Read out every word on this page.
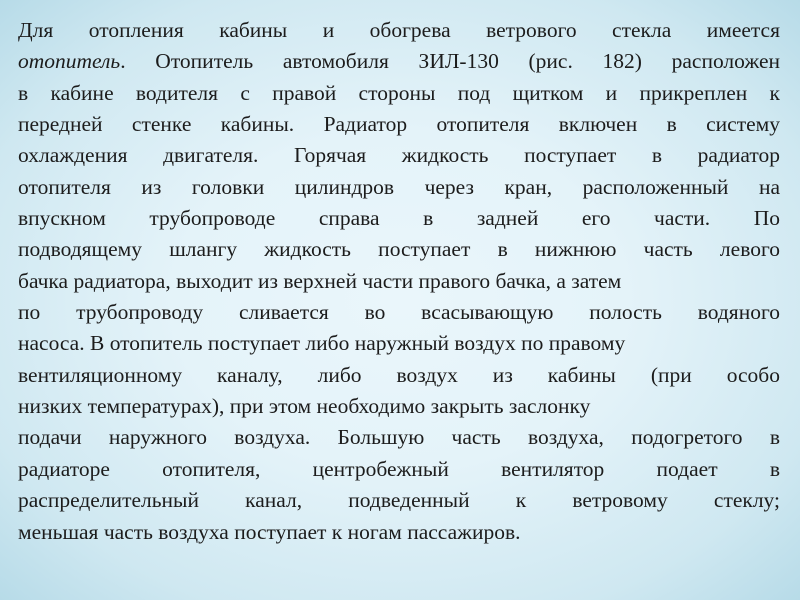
Для отопления кабины и обогрева ветрового стекла имеется
отопитель. Отопитель автомобиля ЗИЛ-130 (рис. 182) расположен
в кабине водителя с правой стороны под щитком и прикреплен к
передней стенке кабины. Радиатор отопителя включен в систему
охлаждения двигателя. Горячая жидкость поступает в радиатор
отопителя из головки цилиндров через кран, расположенный на
впускном трубопроводе справа в задней его части. По
подводящему шлангу жидкость поступает в нижнюю часть левого
бачка радиатора, выходит из верхней части правого бачка, а затем
по трубопроводу сливается во всасывающую полость водяного
насоса. В отопитель поступает либо наружный воздух по правому
вентиляционному каналу, либо воздух из кабины (при особо
низких температурах), при этом необходимо закрыть заслонку
подачи наружного воздуха. Большую часть воздуха, подогретого в
радиаторе отопителя, центробежный вентилятор подает в
распределительный канал, подведенный к ветровому стеклу;
меньшая часть воздуха поступает к ногам пассажиров.
